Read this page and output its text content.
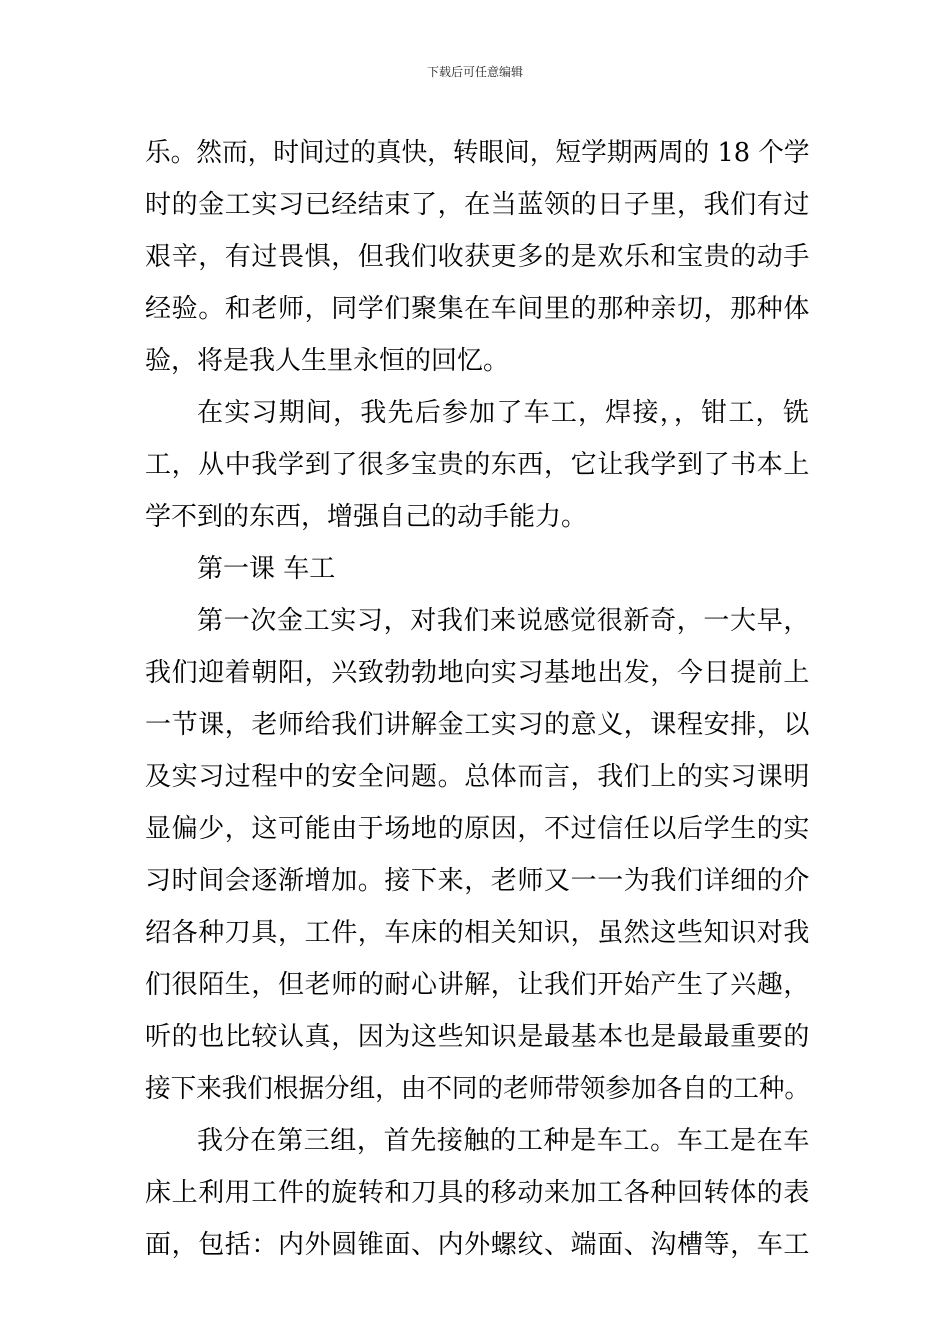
下载后可任意编辑
乐。然而，时间过的真快，转眼间，短学期两周的 18 个学
时的金工实习已经结束了，在当蓝领的日子里，我们有过
艰辛，有过畏惧，但我们收获更多的是欢乐和宝贵的动手
经验。和老师，同学们聚集在车间里的那种亲切，那种体
验，将是我人生里永恒的回忆。
在实习期间，我先后参加了车工，焊接，，钳工，铣
工，从中我学到了很多宝贵的东西，它让我学到了书本上
学不到的东西，增强自己的动手能力。
第一课 车工
第一次金工实习，对我们来说感觉很新奇，一大早，
我们迎着朝阳，兴致勃勃地向实习基地出发，今日提前上
一节课，老师给我们讲解金工实习的意义，课程安排，以
及实习过程中的安全问题。总体而言，我们上的实习课明
显偏少，这可能由于场地的原因，不过信任以后学生的实
习时间会逐渐增加。接下来，老师又一一为我们详细的介
绍各种刀具，工件，车床的相关知识，虽然这些知识对我
们很陌生，但老师的耐心讲解，让我们开始产生了兴趣，
听的也比较认真，因为这些知识是最基本也是最最重要的
接下来我们根据分组，由不同的老师带领参加各自的工种。
我分在第三组，首先接触的工种是车工。车工是在车
床上利用工件的旋转和刀具的移动来加工各种回转体的表
面，包括：内外圆锥面、内外螺纹、端面、沟槽等，车工
